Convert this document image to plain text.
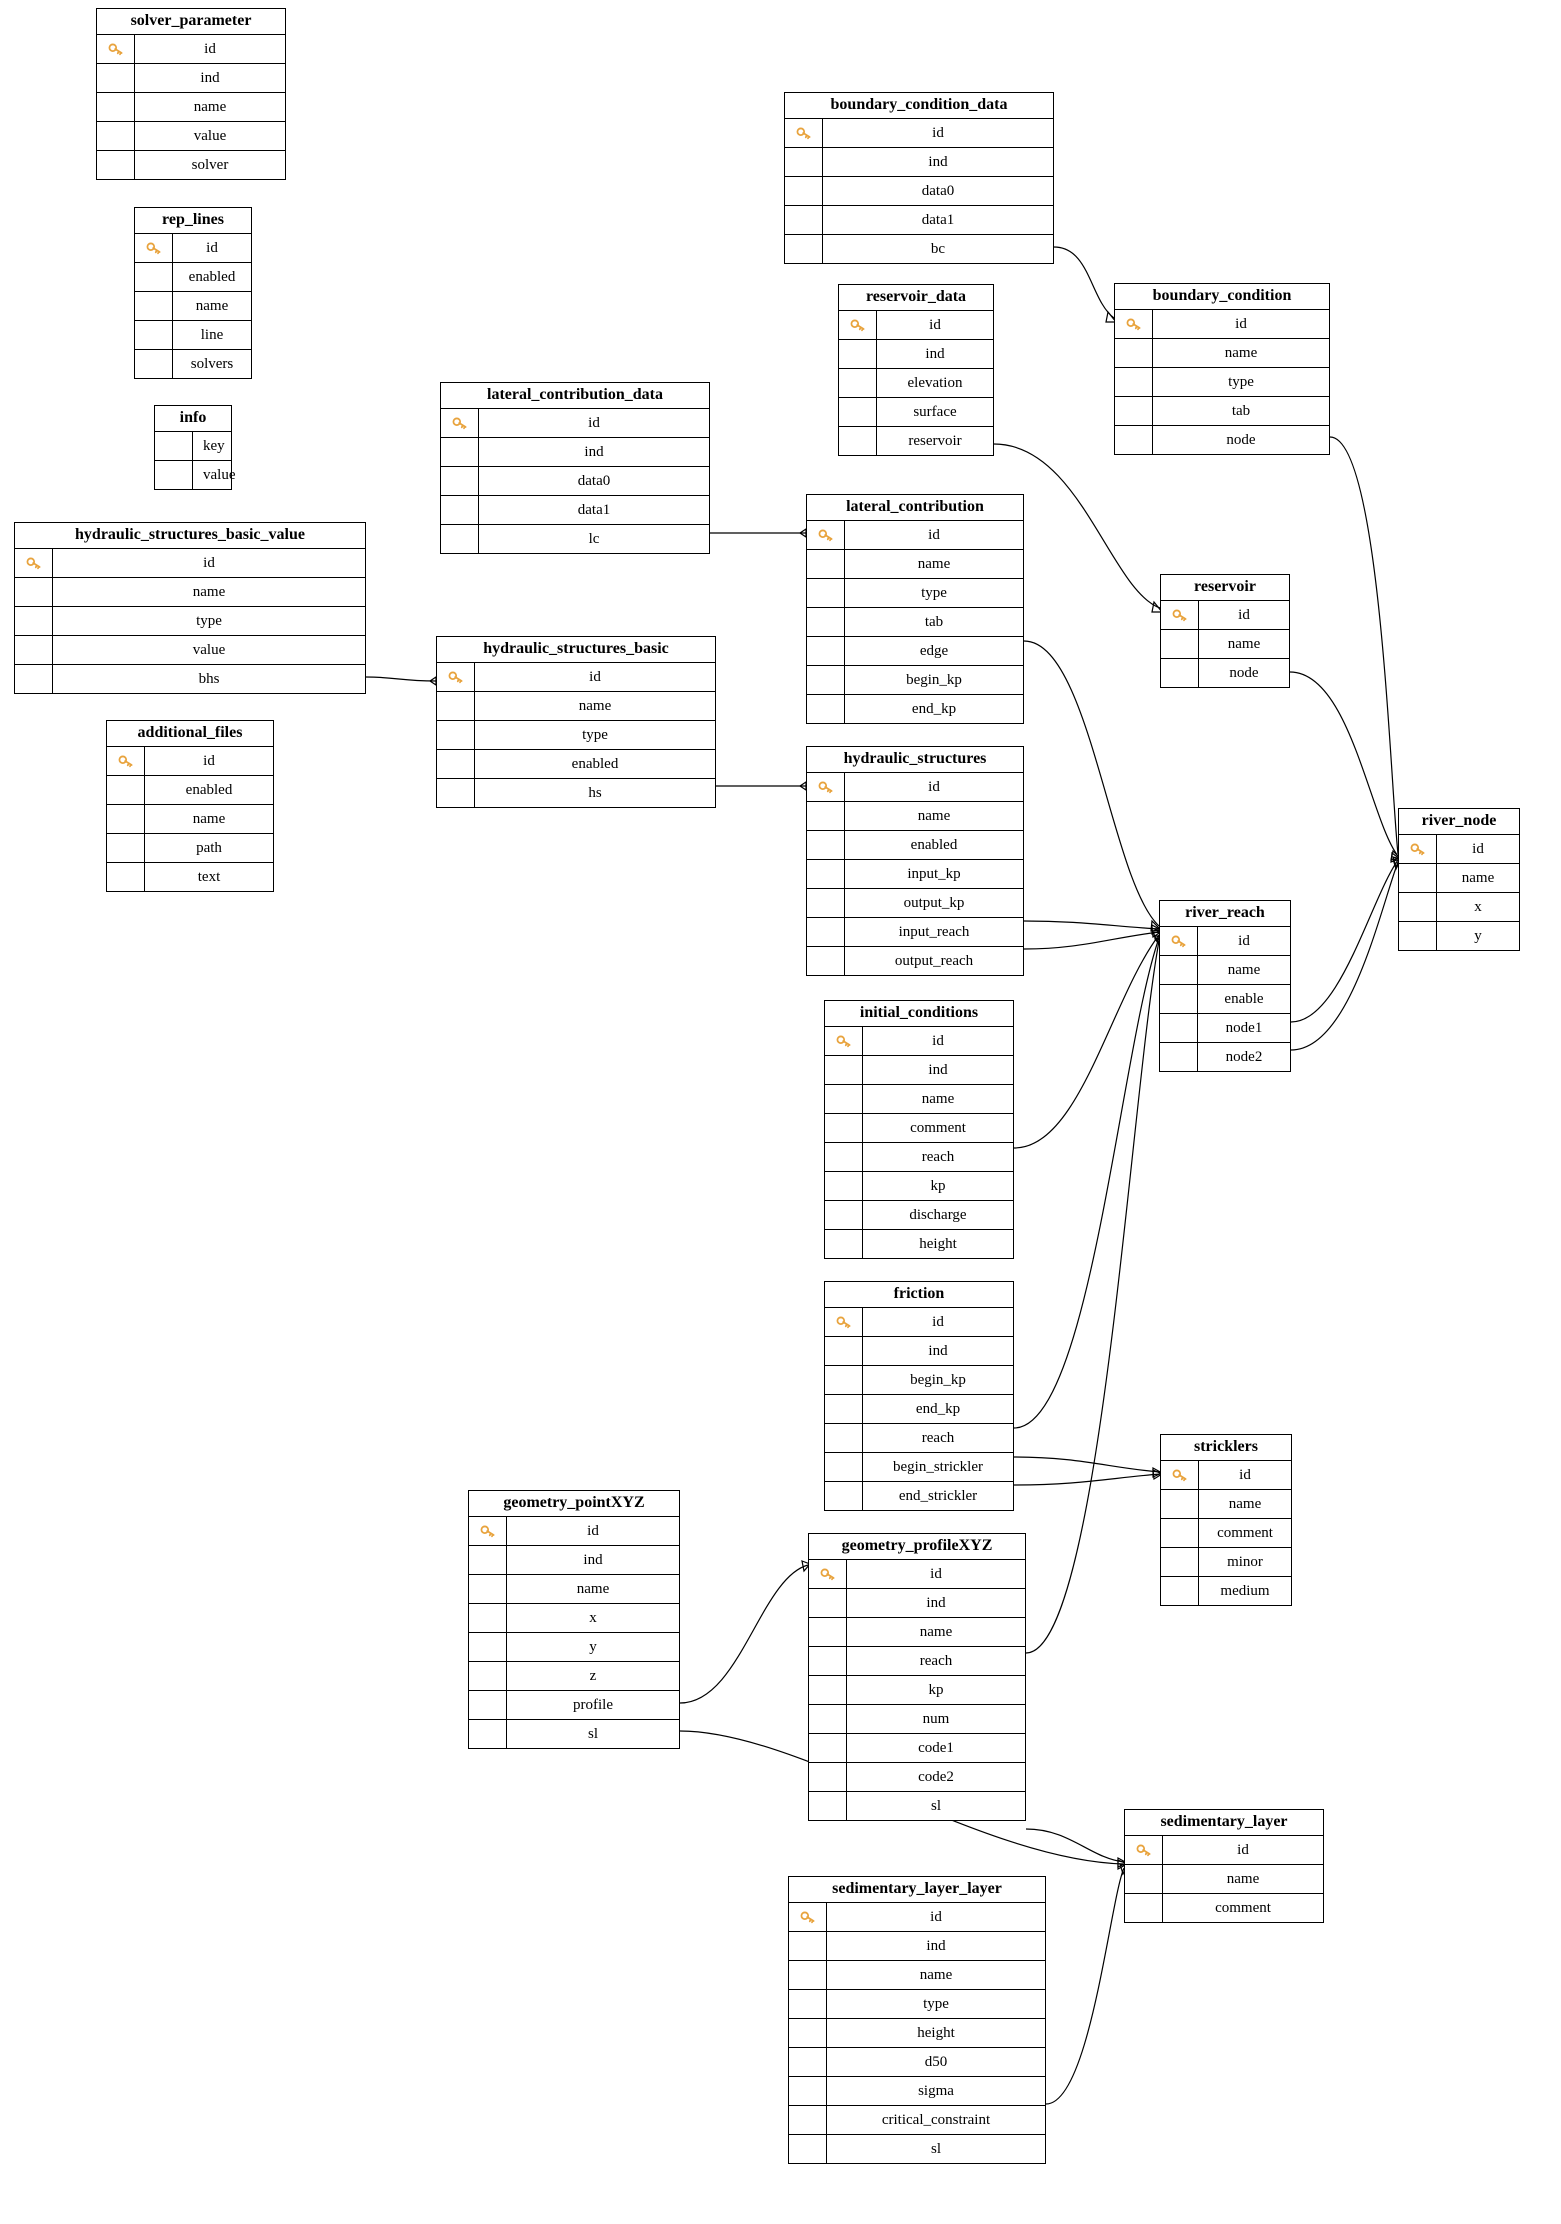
solver_parameter
id
ind
name
value
solver
rep_lines
id
enabled
name
line
solvers
info
key
value
hydraulic_structures_basic_value
id
name
type
value
bhs
additional_files
id
enabled
name
path
text
lateral_contribution_data
id
ind
data0
data1
lc
hydraulic_structures_basic
id
name
type
enabled
hs
boundary_condition_data
id
ind
data0
data1
bc
reservoir_data
id
ind
elevation
surface
reservoir
lateral_contribution
id
name
type
tab
edge
begin_kp
end_kp
hydraulic_structures
id
name
enabled
input_kp
output_kp
input_reach
output_reach
initial_conditions
id
ind
name
comment
reach
kp
discharge
height
friction
id
ind
begin_kp
end_kp
reach
begin_strickler
end_strickler
geometry_pointXYZ
id
ind
name
x
y
z
profile
sl
geometry_profileXYZ
id
ind
name
reach
kp
num
code1
code2
sl
sedimentary_layer_layer
id
ind
name
type
height
d50
sigma
critical_constraint
sl
boundary_condition
id
name
type
tab
node
reservoir
id
name
node
river_reach
id
name
enable
node1
node2
river_node
id
name
x
y
stricklers
id
name
comment
minor
medium
sedimentary_layer
id
name
comment
